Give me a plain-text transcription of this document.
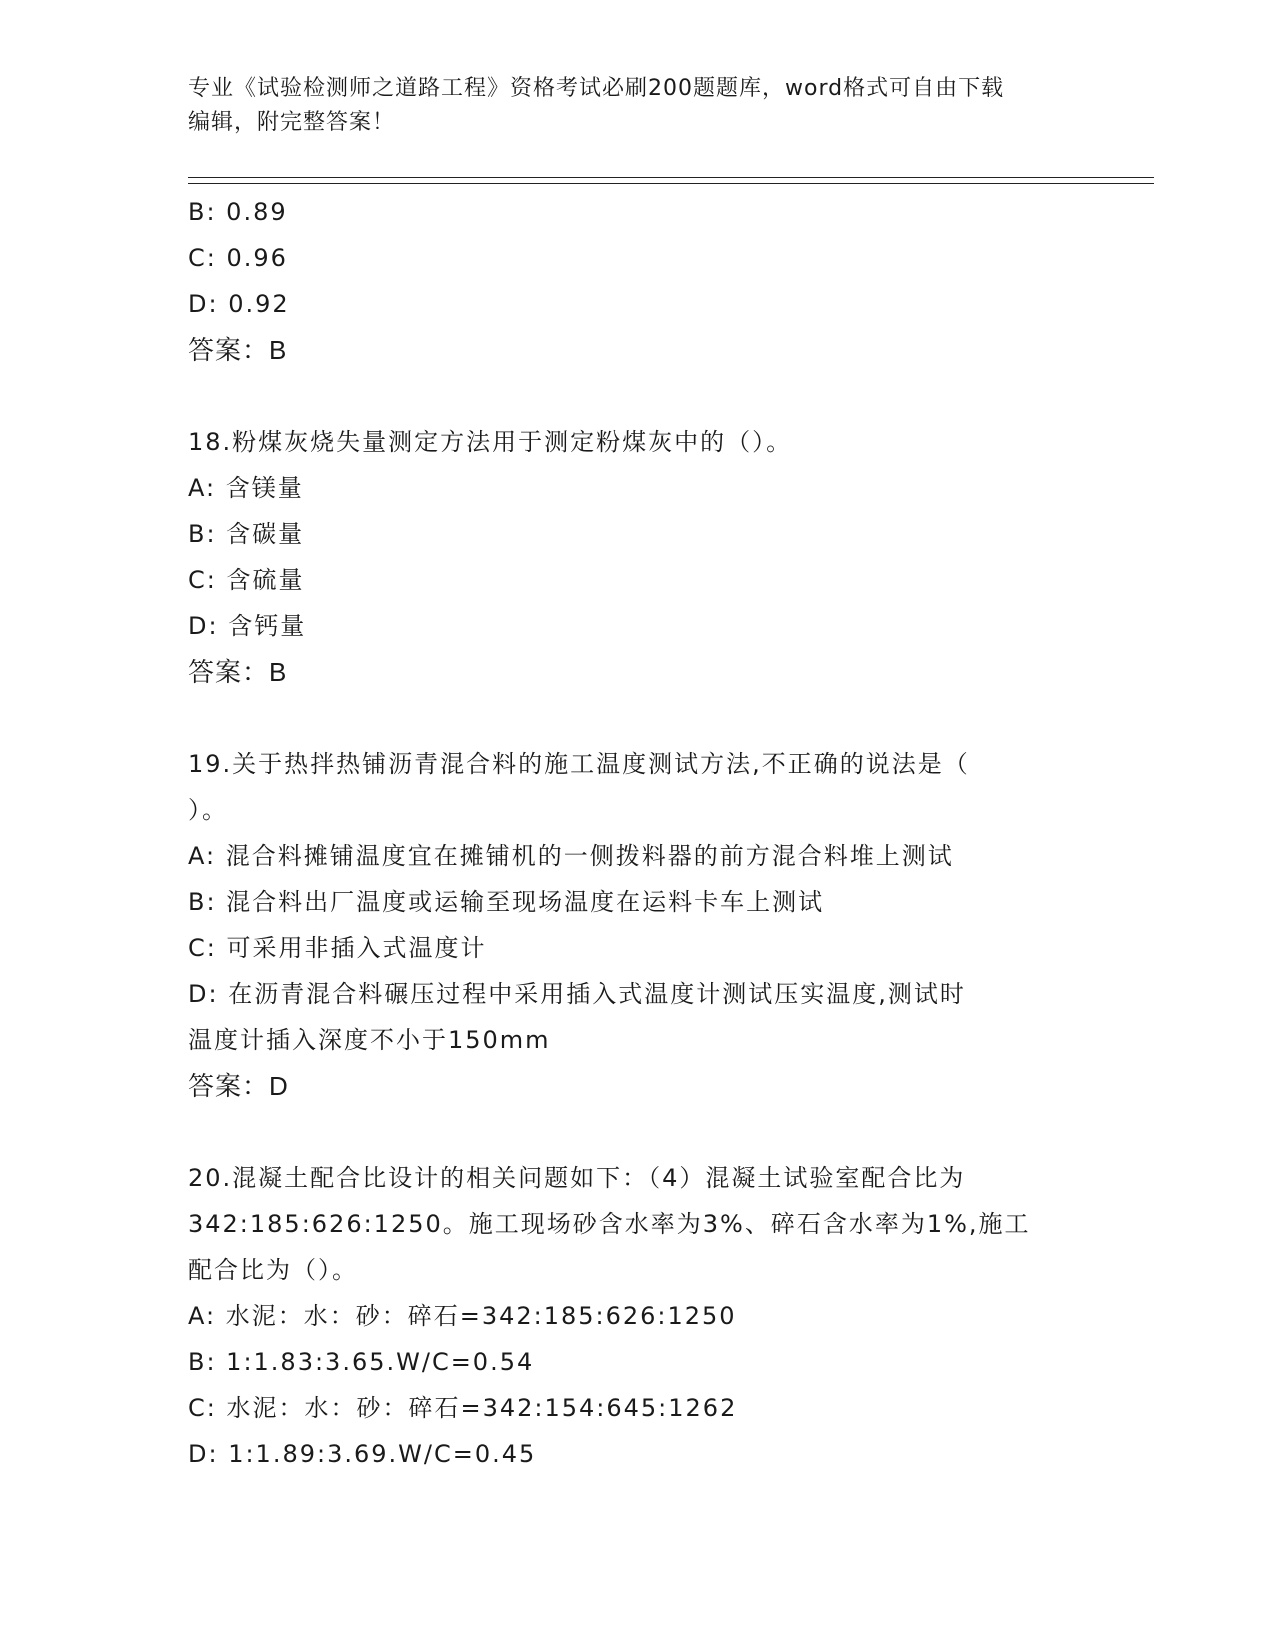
专业《试验检测师之道路工程》资格考试必刷200题题库，word格式可自由下载
编辑，附完整答案！
B: 0.89
C: 0.96
D: 0.92
答案：B
18.粉煤灰烧失量测定方法用于测定粉煤灰中的（）。
A: 含镁量
B: 含碳量
C: 含硫量
D: 含钙量
答案：B
19.关于热拌热铺沥青混合料的施工温度测试方法,不正确的说法是（
）。
A: 混合料摊铺温度宜在摊铺机的一侧拨料器的前方混合料堆上测试
B: 混合料出厂温度或运输至现场温度在运料卡车上测试
C: 可采用非插入式温度计
D: 在沥青混合料碾压过程中采用插入式温度计测试压实温度,测试时
温度计插入深度不小于150mm
答案：D
20.混凝土配合比设计的相关问题如下：（4）混凝土试验室配合比为
342:185:626:1250。施工现场砂含水率为3%、碎石含水率为1%,施工
配合比为（）。
A: 水泥：水：砂：碎石=342:185:626:1250
B: 1:1.83:3.65.W/C=0.54
C: 水泥：水：砂：碎石=342:154:645:1262
D: 1:1.89:3.69.W/C=0.45
